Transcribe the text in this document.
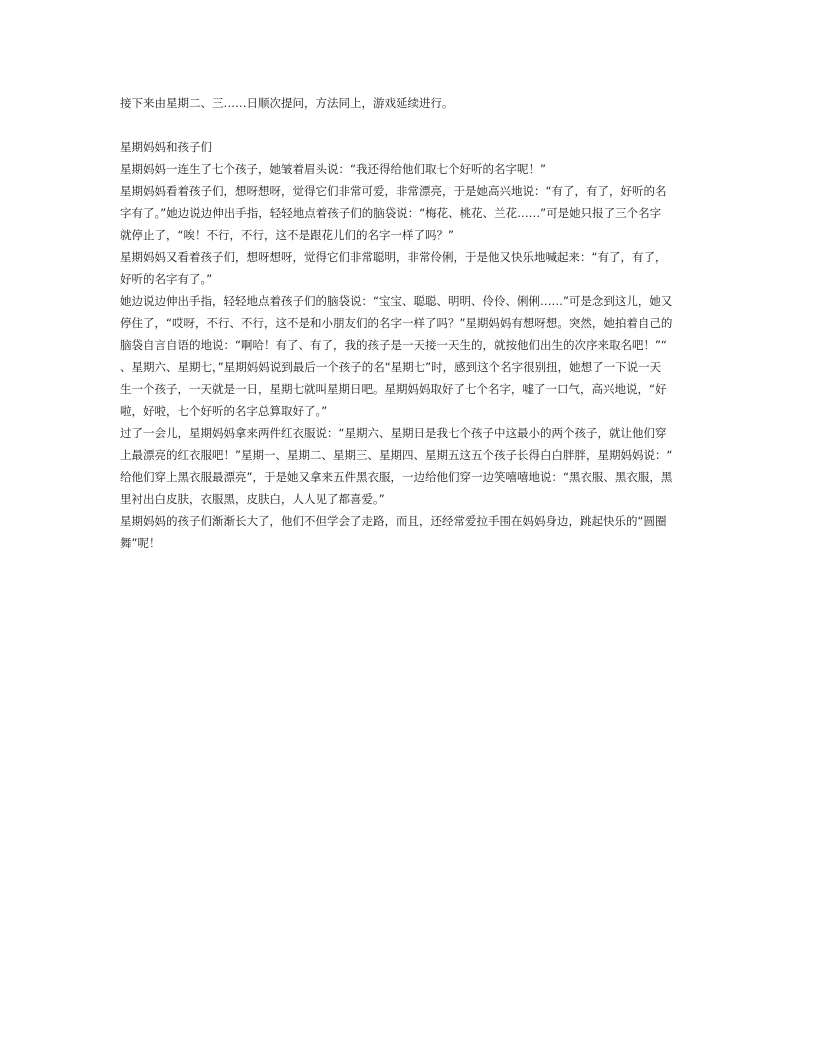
接下来由星期二、三……日顺次提问，方法同上，游戏延续进行。

星期妈妈和孩子们

星期妈妈一连生了七个孩子，她皱着眉头说：“我还得给他们取七个好听的名字呢！”

星期妈妈看着孩子们，想呀想呀，觉得它们非常可爱，非常漂亮，于是她高兴地说：“有了，有了，好听的名

字有了。”她边说边伸出手指，轻轻地点着孩子们的脑袋说：“梅花、桃花、兰花……”可是她只报了三个名字

就停止了，“唉！不行，不行，这不是跟花儿们的名字一样了吗？”

星期妈妈又看着孩子们，想呀想呀，觉得它们非常聪明，非常伶俐，于是他又快乐地喊起来：“有了，有了，

好听的名字有了。”

她边说边伸出手指，轻轻地点着孩子们的脑袋说：“宝宝、聪聪、明明、伶伶、俐俐……”可是念到这儿，她又

停住了，“哎呀，不行、不行，这不是和小朋友们的名字一样了吗？”星期妈妈有想呀想。突然，她拍着自己的

脑袋自言自语的地说：“啊哈！有了、有了，我的孩子是一天接一天生的，就按他们出生的次序来取名吧！”“

、星期六、星期七，”星期妈妈说到最后一个孩子的名“星期七”时，感到这个名字很别扭，她想了一下说一天

生一个孩子，一天就是一日，星期七就叫星期日吧。星期妈妈取好了七个名字，嘘了一口气，高兴地说，“好

啦，好啦，七个好听的名字总算取好了。”

过了一会儿，星期妈妈拿来两件红衣服说：“星期六、星期日是我七个孩子中这最小的两个孩子，就让他们穿

上最漂亮的红衣服吧！”星期一、星期二、星期三、星期四、星期五这五个孩子长得白白胖胖，星期妈妈说：“

给他们穿上黑衣服最漂亮”，于是她又拿来五件黑衣服，一边给他们穿一边笑嘻嘻地说：“黑衣服、黑衣服，黑

里衬出白皮肤，衣服黑，皮肤白，人人见了都喜爱。”

星期妈妈的孩子们渐渐长大了，他们不但学会了走路，而且，还经常爱拉手围在妈妈身边，跳起快乐的“圆圈

舞”呢！
